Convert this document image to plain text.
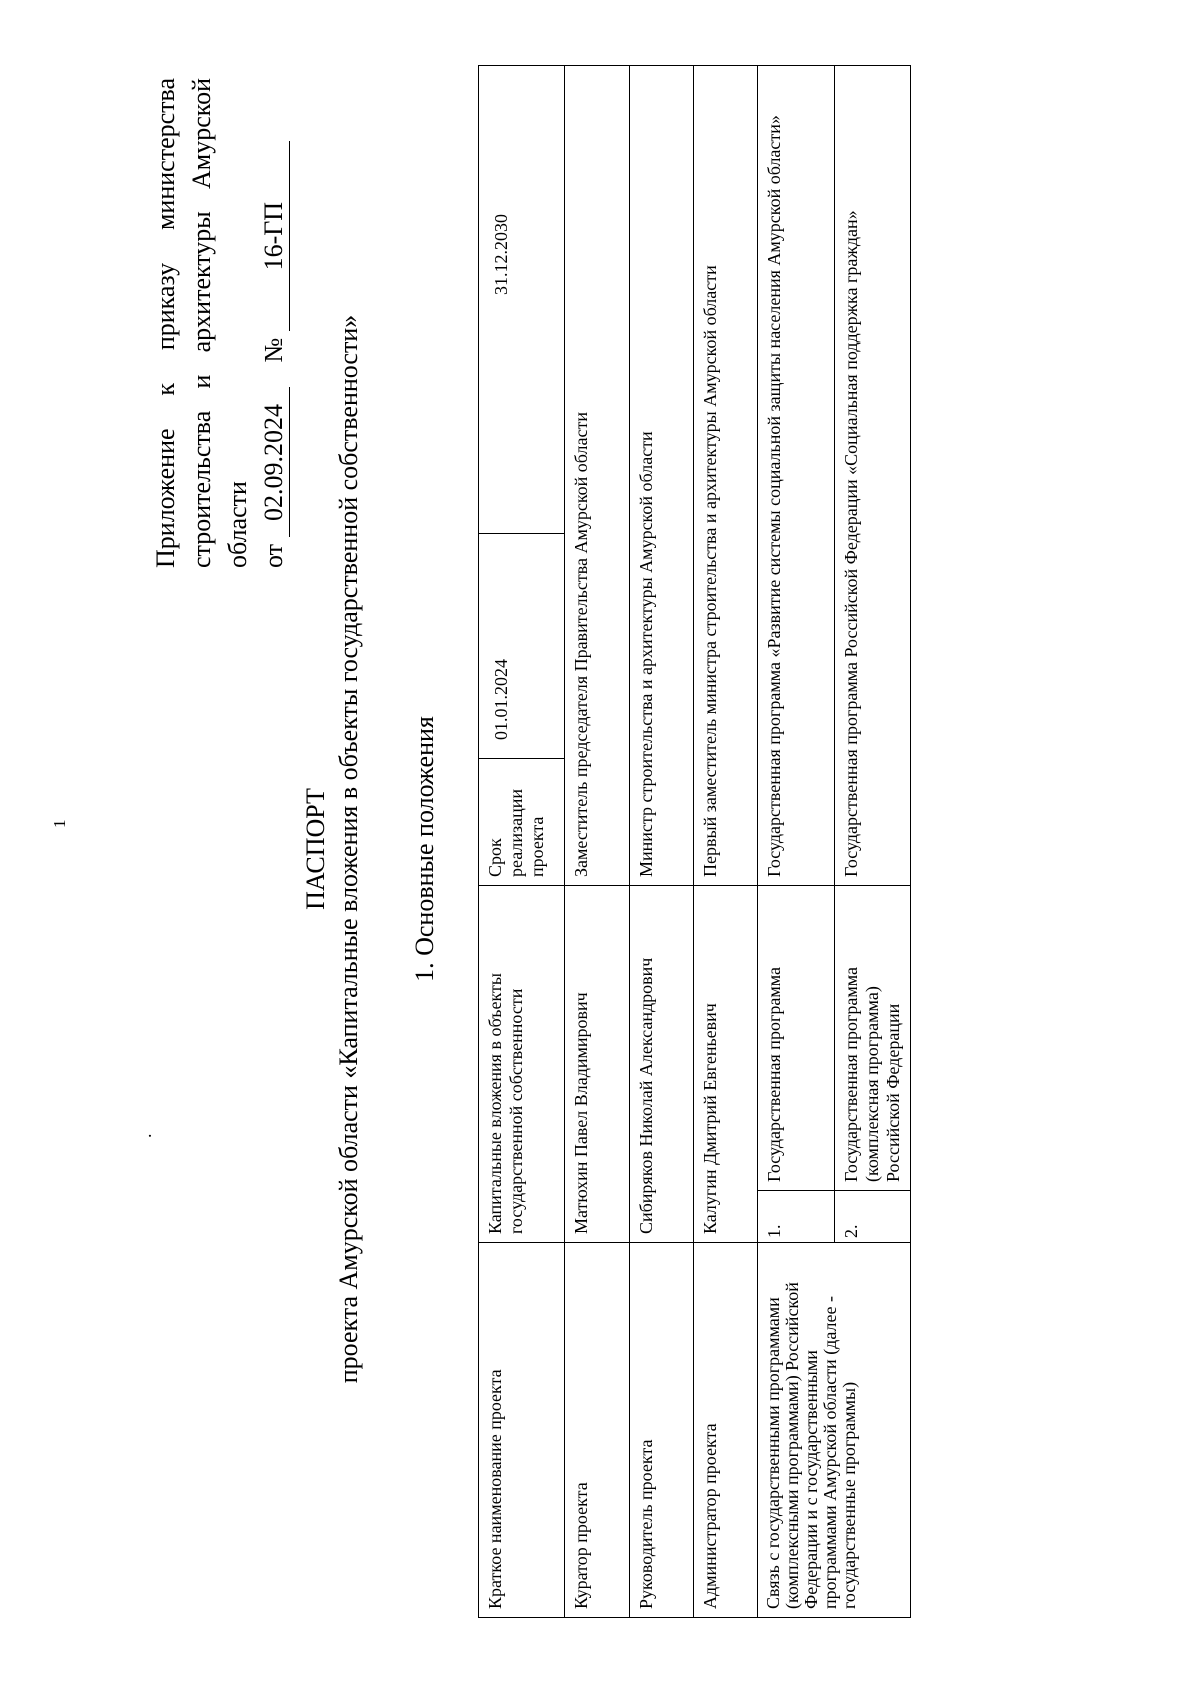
1
.
Приложение к приказу министерства строительства и архитектуры Амурской области от 02.09.2024  № 16-ГП
ПАСПОРТ проекта Амурской области «Капитальные вложения в объекты государственной собственности» 1. Основные положения
Краткое наименование проекта	Капитальные вложения в объекты государственной собственности		Срок реализации проекта	01.01.2024	31.12.2030
Куратор проекта	Матюхин Павел Владимирович		Заместитель председателя Правительства Амурской области		
Руководитель проекта	Сибиряков Николай Александрович		Министр строительства и архитектуры Амурской области		
Администратор проекта	Калугин Дмитрий Евгеньевич		Первый заместитель министра строительства и архитектуры Амурской области		
Связь с государственными программами (комплексными программами) Российской Федерации и с государственными программами Амурской области (далее - государственные программы)	1.	Государственная программа	Государственная программа «Развитие системы социальной защиты населения Амурской области»		
	2.	Государственная программа (комплексная программа) Российской Федерации	Государственная программа Российской Федерации «Социальная поддержка граждан»		
